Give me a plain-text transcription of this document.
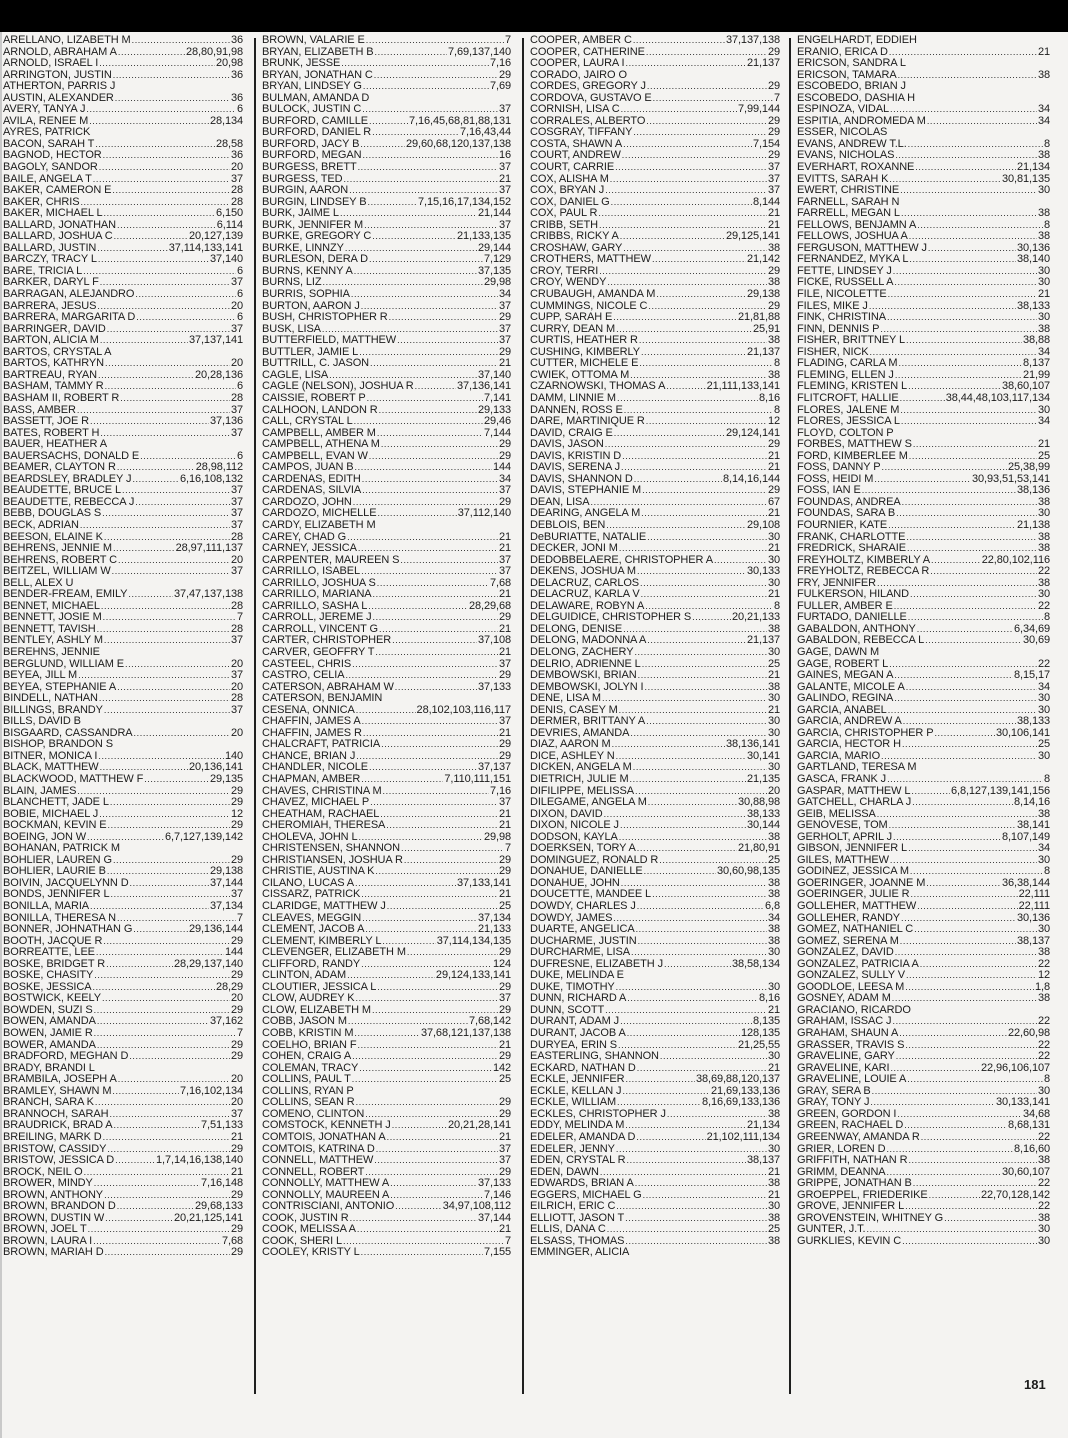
ARELLANO, LIZABETH M .....	36
ARNOLD, ABRAHAM A .....	28,80,91,98
ARNOLD, ISRAEL I .....	20,98
ARRINGTON, JUSTIN .....	36
ATHERTON, PARRIS J
AUSTIN, ALEXANDER .....	36
AVERY, TANYA J .....	6
AVILA, RENEE M .....	28,134
AYRES, PATRICK
BACON, SARAH T .....	28,58
BAGNOD, HECTOR .....	36
BAGOLY, SANDOR .....	20
BAILE, ANGELA T .....	37
BAKER, CAMERON E .....	28
BAKER, CHRIS .....	28
BAKER, MICHAEL L .....	6,150
BALLARD, JONATHAN .....	6,114
BALLARD, JOSHUA C .....	20,127,139
BALLARD, JUSTIN .....	37,114,133,141
BARCZY, TRACY L .....	37,140
BARE, TRICIA L .....	6
BARKER, DARYL F .....	37
BARRAGAN, ALEJANDRO .....	6
BARRERA, JESUS .....	20
BARRERA, MARGARITA D .....	6
BARRINGER, DAVID .....	37
BARTON, ALICIA M .....	37,137,141
BARTOS, CRYSTAL A
BARTOS, KATHRYN .....	20
BARTREAU, RYAN .....	20,28,136
BASHAM, TAMMY R .....	6
BASHAM II, ROBERT R .....	28
BASS, AMBER .....	37
BASSETT, JOE R .....	37,136
BATES, ROBERT H .....	37
BAUER, HEATHER A
BAUERSACHS, DONALD E .....	6
BEAMER, CLAYTON R .....	28,98,112
BEARDSLEY, BRADLEY J .....	6,16,108,132
BEAUDETTE, BRUCE L .....	37
BEAUDETTE, REBECCA J .....	37
BEBB, DOUGLAS S .....	37
BECK, ADRIAN .....	37
BEESON, ELAINE K .....	28
BEHRENS, JENNIE M .....	28,97,111,137
BEHRENS, ROBERT C .....	20
BEITZEL, WILLIAM W .....	37
BELL, ALEX U
BENDER-FREAM, EMILY .....	37,47,137,138
BENNET, MICHAEL .....	28
BENNETT, JOSIE M .....	7
BENNETT, TAVISH .....	28
BENTLEY, ASHLY M .....	37
BEREHNS, JENNIE
BERGLUND, WILLIAM E .....	20
BEYEA, JILL M .....	37
BEYEA, STEPHANIE A .....	20
BINDELL, NATHAN .....	28
BILLINGS, BRANDY .....	37
BILLS, DAVID B
BISGAARD, CASSANDRA .....	20
BISHOP, BRANDON S
BITNER, MONICA I .....	140
BLACK, MATTHEW .....	20,136,141
BLACKWOOD, MATTHEW F .....	29,135
BLAIN, JAMES .....	29
BLANCHETT, JADE L .....	29
BOBIE, MICHAEL J .....	12
BOCKMAN, KEVIN E .....	29
BOEING, JON W .....	6,7,127,139,142
BOHANAN, PATRICK M
BOHLIER, LAUREN G .....	29
BOHLIER, LAURIE B .....	29,138
BOIVIN, JACQUELYNN D .....	37,144
BONDS, JENNIFER L .....	37
BONILLA, MARIA .....	37,134
BONILLA, THERESA N .....	7
BONNER, JOHNATHAN G .....	29,136,144
BOOTH, JACQUE R .....	29
BORREATTE, LEE .....	144
BOSKE, BRIDGET R .....	28,29,137,140
BOSKE, CHASITY .....	29
BOSKE, JESSICA .....	28,29
BOSTWICK, KEELY .....	20
BOWDEN, SUZI S .....	29
BOWEN, AMANDA .....	37,162
BOWEN, JAMIE R .....	7
BOWER, AMANDA .....	29
BRADFORD, MEGHAN D .....	29
BRADY, BRANDI L
BRAMBILA, JOSEPH A .....	20
BRAMLEY, SHAWN M .....	7,16,102,134
BRANCH, SARA K .....	20
BRANNOCH, SARAH .....	37
BRAUDRICK, BRAD A .....	7,51,133
BREILING, MARK D .....	21
BRISTOW, CASSIDY .....	29
BRISTOW, JESSICA D .....	1,7,14,16,138,140
BROCK, NEIL O .....	21
BROWER, MINDY .....	7,16,148
BROWN, ANTHONY .....	29
BROWN, BRANDON D .....	29,68,133
BROWN, DUSTIN W .....	20,21,125,141
BROWN, JOEL T .....	29
BROWN, LAURA I .....	7,68
BROWN, MARIAH D .....	29
BROWN, VALARIE E .....	7
BRYAN, ELIZABETH B .....	7,69,137,140
BRUNK, JESSE .....	7,16
BRYAN, JONATHAN C .....	29
BRYAN, LINDSEY G .....	7,69
BULMAN, AMANDA D
BULOCK, JUSTIN C .....	37
BURFORD, CAMILLE .....	7,16,45,68,81,88,131
BURFORD, DANIEL R .....	7,16,43,44
BURFORD, JACY B .....	29,60,68,120,137,138
BURFORD, MEGAN .....	16
BURGESS, BRETT .....	37
BURGESS, TED .....	21
BURGIN, AARON .....	37
BURGIN, LINDSEY B .....	7,15,16,17,134,152
BURK, JAIME L .....	21,144
BURK, JENNIFER M .....	37
BURKE, GREGORY C .....	21,133,135
BURKE, LINNZY .....	29,144
BURLESON, DERA D .....	7,129
BURNS, KENNY A .....	37,135
BURNS, LIZ .....	29,98
BURRIS, SOPHIA .....	34
BURTON, AARON J .....	37
BUSH, CHRISTOPHER R .....	29
BUSK, LISA .....	37
BUTTERFIELD, MATTHEW .....	37
BUTTLER, JAMIE L .....	29
BUTTRILL, C. JASON .....	21
CAGLE, LISA .....	37,140
CAGLE (NELSON), JOSHUA R .....	37,136,141
CAISSIE, ROBERT P .....	7,141
CALHOON, LANDON R .....	29,133
CALL, CRYSTAL L .....	29,46
CAMPBELL, AMBER M .....	7,144
CAMPBELL, ATHENA M .....	29
CAMPBELL, EVAN W .....	29
CAMPOS, JUAN B .....	144
CARDENAS, EDITH .....	34
CARDENAS, SILVIA .....	37
CARDOZO, JOHN .....	29
CARDOZO, MICHELLE .....	37,112,140
CARDY, ELIZABETH M
CAREY, CHAD G .....	21
CARNEY, JESSICA .....	21
CARPENTER, MAUREEN S .....	37
CARRILLO, ISABEL .....	37
CARRILLO, JOSHUA S .....	7,68
CARRILLO, MARIANA .....	21
CARRILLO, SASHA L .....	28,29,68
CARROLL, JEREME J .....	29
CARROLL, VINCENT G .....	21
CARTER, CHRISTOPHER .....	37,108
CARVER, GEOFFRY T .....	21
CASTEEL, CHRIS .....	37
CASTRO, CELIA .....	29
CATERSON, ABRAHAM W .....	37,133
CATERSON, BENJAMIN
CESENA, ONNICA .....	28,102,103,116,117
CHAFFIN, JAMES A .....	37
CHAFFIN, JAMES R .....	21
CHALCRAFT, PATRICIA .....	29
CHANCE, BRIAN J .....	29
CHANDLER, NICOLE .....	37,137
CHAPMAN, AMBER .....	7,110,111,151
CHAVES, CHRISTINA M .....	7,16
CHAVEZ, MICHAEL P .....	37
CHEATHAM, RACHAEL .....	21
CHEROMIAH, THERESA .....	21
CHOLEVA, JOHN L .....	29,98
CHRISTENSEN, SHANNON .....	7
CHRISTIANSEN, JOSHUA R .....	29
CHRISTIE, AUSTINA K .....	29
CILANO, LUCAS A .....	37,133,141
CISSARZ, PATRICK .....	21
CLARIDGE, MATTHEW J .....	25
CLEAVES, MEGGIN .....	37,134
CLEMENT, JACOB A .....	21,133
CLEMENT, KIMBERLY L .....	37,114,134,135
CLEVENGER, ELIZABETH M .....	29
CLIFFORD, RANDY .....	124
CLINTON, ADAM .....	29,124,133,141
CLOUTIER, JESSICA L .....	29
CLOW, AUDREY K .....	37
CLOW, ELIZABETH M .....	29
COBB, JASON M .....	7,68,142
COBB, KRISTIN M .....	37,68,121,137,138
COELHO, BRIAN F .....	21
COHEN, CRAIG A .....	29
COLEMAN, TRACY .....	142
COLLINS, PAUL T .....	25
COLLINS, RYAN P
COLLINS, SEAN R .....	29
COMENO, CLINTON .....	29
COMSTOCK, KENNETH J .....	20,21,28,141
COMTOIS, JONATHAN A .....	21
COMTOIS, KATRINA D .....	37
CONNELL, MATTHEW .....	37
CONNELL, ROBERT .....	29
CONNOLLY, MATTHEW A .....	37,133
CONNOLLY, MAUREEN A .....	7,146
CONTRISCIANI, ANTONIO .....	34,97,108,112
COOK, JUSTIN R .....	37,144
COOK, MELISSA A .....	21
COOK, SHERI L .....	7
COOLEY, KRISTY L .....	7,155
COOPER, AMBER C .....	37,137,138
COOPER, CATHERINE .....	29
COOPER, LAURA I .....	21,137
CORADO, JAIRO O
CORDES, GREGORY J .....	29
CORDOVA, GUSTAVO E .....	7
CORNISH, LISA C .....	7,99,144
CORRALES, ALBERTO .....	29
COSGRAY, TIFFANY .....	29
COSTA, SHAWN A .....	7,154
COURT, ANDREW .....	29
COURT, CARRIE .....	37
COX, ALISHA M .....	37
COX, BRYAN J .....	37
COX, DANIEL G .....	8,144
COX, PAUL R .....	21
CRIBB, SETH .....	21
CRIBBS, RICKY A .....	29,125,141
CROSHAW, GARY .....	38
CROTHERS, MATTHEW .....	21,142
CROY, TERRI .....	29
CROY, WENDY .....	38
CRUBAUGH, AMANDA M .....	29,138
CUMMINGS, NICOLE C .....	29
CUPP, SARAH E .....	21,81,88
CURRY, DEAN M .....	25,91
CURTIS, HEATHER R .....	38
CUSHING, KIMBERLY .....	21,137
CUTTER, MICHELE E .....	8
CWIEK, OTTOMA M .....	38
CZARNOWSKI, THOMAS A .....	21,111,133,141
DAMM, LINNIE M .....	8,16
DANNEN, ROSS E .....	8
DARE, MARTINIQUE R .....	12
DAVID, CRAIG E .....	29,124,141
DAVIS, JASON .....	29
DAVIS, KRISTIN D .....	21
DAVIS, SERENA J .....	21
DAVIS, SHANNON D .....	8,14,16,144
DAVIS, STEPHANIE M .....	29
DEAN, LISA .....	67
DEARING, ANGELA M .....	21
DEBLOIS, BEN .....	29,108
DeBURIATTE, NATALIE .....	30
DECKER, JONI M .....	21
DEDOBBELAERE, CHRISTOPHER A .....	30
DEKENS, JOSHUA M .....	30,133
DELACRUZ, CARLOS .....	30
DELACRUZ, KARLA V .....	21
DELAWARE, ROBYN A .....	8
DELGUIDICE, CHRISTOPHER S .....	20,21,133
DELONG, DENISE .....	38
DELONG, MADONNA A .....	21,137
DELONG, ZACHERY .....	30
DELRIO, ADRIENNE L .....	25
DEMBOWSKI, BRIAN .....	21
DEMBOWSKI, JOLYN I .....	38
DENE, LISA M .....	30
DENIS, CASEY M .....	21
DERMER, BRITTANY A .....	30
DEVRIES, AMANDA .....	30
DIAZ, AARON M .....	38,136,141
DICE, ASHLEY N .....	30,141
DICKEN, ANGELA M .....	30
DIETRICH, JULIE M .....	21,135
DIFILIPPE, MELISSA .....	20
DILEGAME, ANGELA M .....	30,88,98
DIXON, DAVID .....	38,133
DIXON, NICOLE J .....	30,144
DODSON, KAYLA .....	38
DOERKSEN, TORY A .....	21,80,91
DOMINGUEZ, RONALD R .....	25
DONAHUE, DANIELLE .....	30,60,98,135
DONAHUE, JOHN .....	38
DOUCETTE, MANDEE L .....	38
DOWDY, CHARLES J .....	6,8
DOWDY, JAMES .....	34
DUARTE, ANGELICA .....	38
DUCHARME, JUSTIN .....	38
DURCHARME, LISA .....	30
DUFRESNE, ELIZABETH J .....	38,58,134
DUKE, MELINDA E
DUKE, TIMOTHY .....	30
DUNN, RICHARD A .....	8,16
DUNN, SCOTT .....	21
DURANT, ADAM J .....	8,135
DURANT, JACOB A .....	128,135
DURYEA, ERIN S .....	21,25,55
EASTERLING, SHANNON .....	30
ECKARD, NATHAN D .....	21
ECKLE, JENNIFER .....	38,69,88,120,137
ECKLE, KELLAN J .....	21,69,133,136
ECKLE, WILLIAM .....	8,16,69,133,136
ECKLES, CHRISTOPHER J .....	38
EDDY, MELINDA M .....	21,134
EDELER, AMANDA D .....	21,102,111,134
EDELER, JENNY .....	30
EDEN, CRYSTAL R .....	38,137
EDEN, DAWN .....	21
EDWARDS, BRIAN A .....	38
EGGERS, MICHAEL G .....	21
EILRICH, ERIC C .....	30
ELLIOTT, JASON T .....	38
ELLIS, DANA C .....	25
ELSASS, THOMAS .....	38
EMMINGER, ALICIA
ENGELHARDT, EDDIEH
ERANIO, ERICA D .....	21
ERICSON, SANDRA L
ERICSON, TAMARA .....	38
ESCOBEDO, BRIAN J
ESCOBEDO, DASHIA H
ESPINOZA, VIDAL .....	34
ESPITIA, ANDROMEDA M .....	34
ESSER, NICOLAS
EVANS, ANDREW T.L. .....	8
EVANS, NICHOLAS .....	38
EVERHART, ROXANNE .....	21,134
EVITTS, SARAH K .....	30,81,135
EWERT, CHRISTINE .....	30
FARNELL, SARAH N
FARRELL, MEGAN L .....	38
FELLOWS, BENJAMN A .....	8
FELLOWS, JOSHUA A .....	38
FERGUSON, MATTHEW J .....	30,136
FERNANDEZ, MYKA L .....	38,140
FETTE, LINDSEY J .....	30
FICKE, RUSSELL A .....	30
FILE, NICOLETTE .....	21
FILES, MIKE J .....	38,133
FINK, CHRISTINA .....	30
FINN, DENNIS P .....	38
FISHER, BRITTNEY L .....	38,88
FISHER, NICK .....	34
FLADING, CARLA M .....	8,137
FLEMING, ELLEN J .....	21,99
FLEMING, KRISTEN L .....	38,60,107
FLITCROFT, HALLIE .....	38,44,48,103,117,134
FLORES, JALENE M .....	30
FLORES, JESSICA L .....	34
FLOYD, COLTON P
FORBES, MATTHEW S .....	21
FORD, KIMBERLEE M .....	25
FOSS, DANNY P .....	25,38,99
FOSS, HEIDI M .....	30,93,51,53,141
FOSS, IAN E .....	38,136
FOUNDAS, ANDREA .....	38
FOUNDAS, SARA B .....	30
FOURNIER, KATE .....	21,138
FRANK, CHARLOTTE .....	38
FREDRICK, SHARAIE .....	38
FREYHOLTZ, KIMBERLY A .....	22,80,102,116
FREYHOLTZ, REBECCA R .....	22
FRY, JENNIFER .....	38
FULKERSON, HILAND .....	30
FULLER, AMBER E .....	22
FURTADO, DANIELLE .....	8
GABALDON, ANTHONY .....	6,34,69
GABALDON, REBECCA L .....	30,69
GAGE, DAWN M
GAGE, ROBERT L .....	22
GAINES, MEGAN A .....	8,15,17
GALANTE, MICOLE A .....	34
GALINDO, REGINA .....	30
GARCIA, ANABEL .....	30
GARCIA, ANDREW A .....	38,133
GARCIA, CHRISTOPHER P .....	30,106,141
GARCIA, HECTOR H .....	25
GARCIA, MARIO .....	30
GARTLAND, TERESA M
GASCA, FRANK J .....	8
GASPAR, MATTHEW L .....	6,8,127,139,141,156
GATCHELL, CHARLA J .....	8,14,16
GEIB, MELISSA .....	38
GENOVESE, TOM .....	38,141
GERHOLT, APRIL J .....	8,107,149
GIBSON, JENNIFER L .....	34
GILES, MATTHEW .....	30
GODINEZ, JESSICA M .....	8
GOERINGER, JOANNE M .....	36,38,144
GOERINGER, JULIE R .....	22,111
GOLLEHER, MATTHEW .....	22,111
GOLLEHER, RANDY .....	30,136
GOMEZ, NATHANIEL C .....	30
GOMEZ, SERENA M .....	38,137
GONZALEZ, DAVID .....	38
GONZALEZ, PATRICIA A .....	22
GONZALEZ, SULLY V .....	12
GOODLOE, LEESA M .....	1,8
GOSNEY, ADAM M .....	38
GRACIANO, RICARDO
GRAHAM, ISSAC J .....	22
GRAHAM, SHAUN A .....	22,60,98
GRASSER, TRAVIS S .....	22
GRAVELINE, GARY .....	22
GRAVELINE, KARI .....	22,96,106,107
GRAVELINE, LOUIE A .....	8
GRAY, SERA B .....	30
GRAY, TONY J .....	30,133,141
GREEN, GORDON I .....	34,68
GREEN, RACHAEL D .....	8,68,131
GREENWAY, AMANDA R .....	22
GRIER, LOREN D .....	8,16,60
GRIFFITH, NATHAN R .....	38
GRIMM, DEANNA .....	30,60,107
GRIPPE, JONATHAN B .....	22
GROEPPEL, FRIEDERIKE .....	22,70,128,142
GROVE, JENNIFER L .....	22
GROVENSTEIN, WHITNEY G .....	38
GUNTER, J.T. .....	30
GURKLIES, KEVIN C .....	30
181
